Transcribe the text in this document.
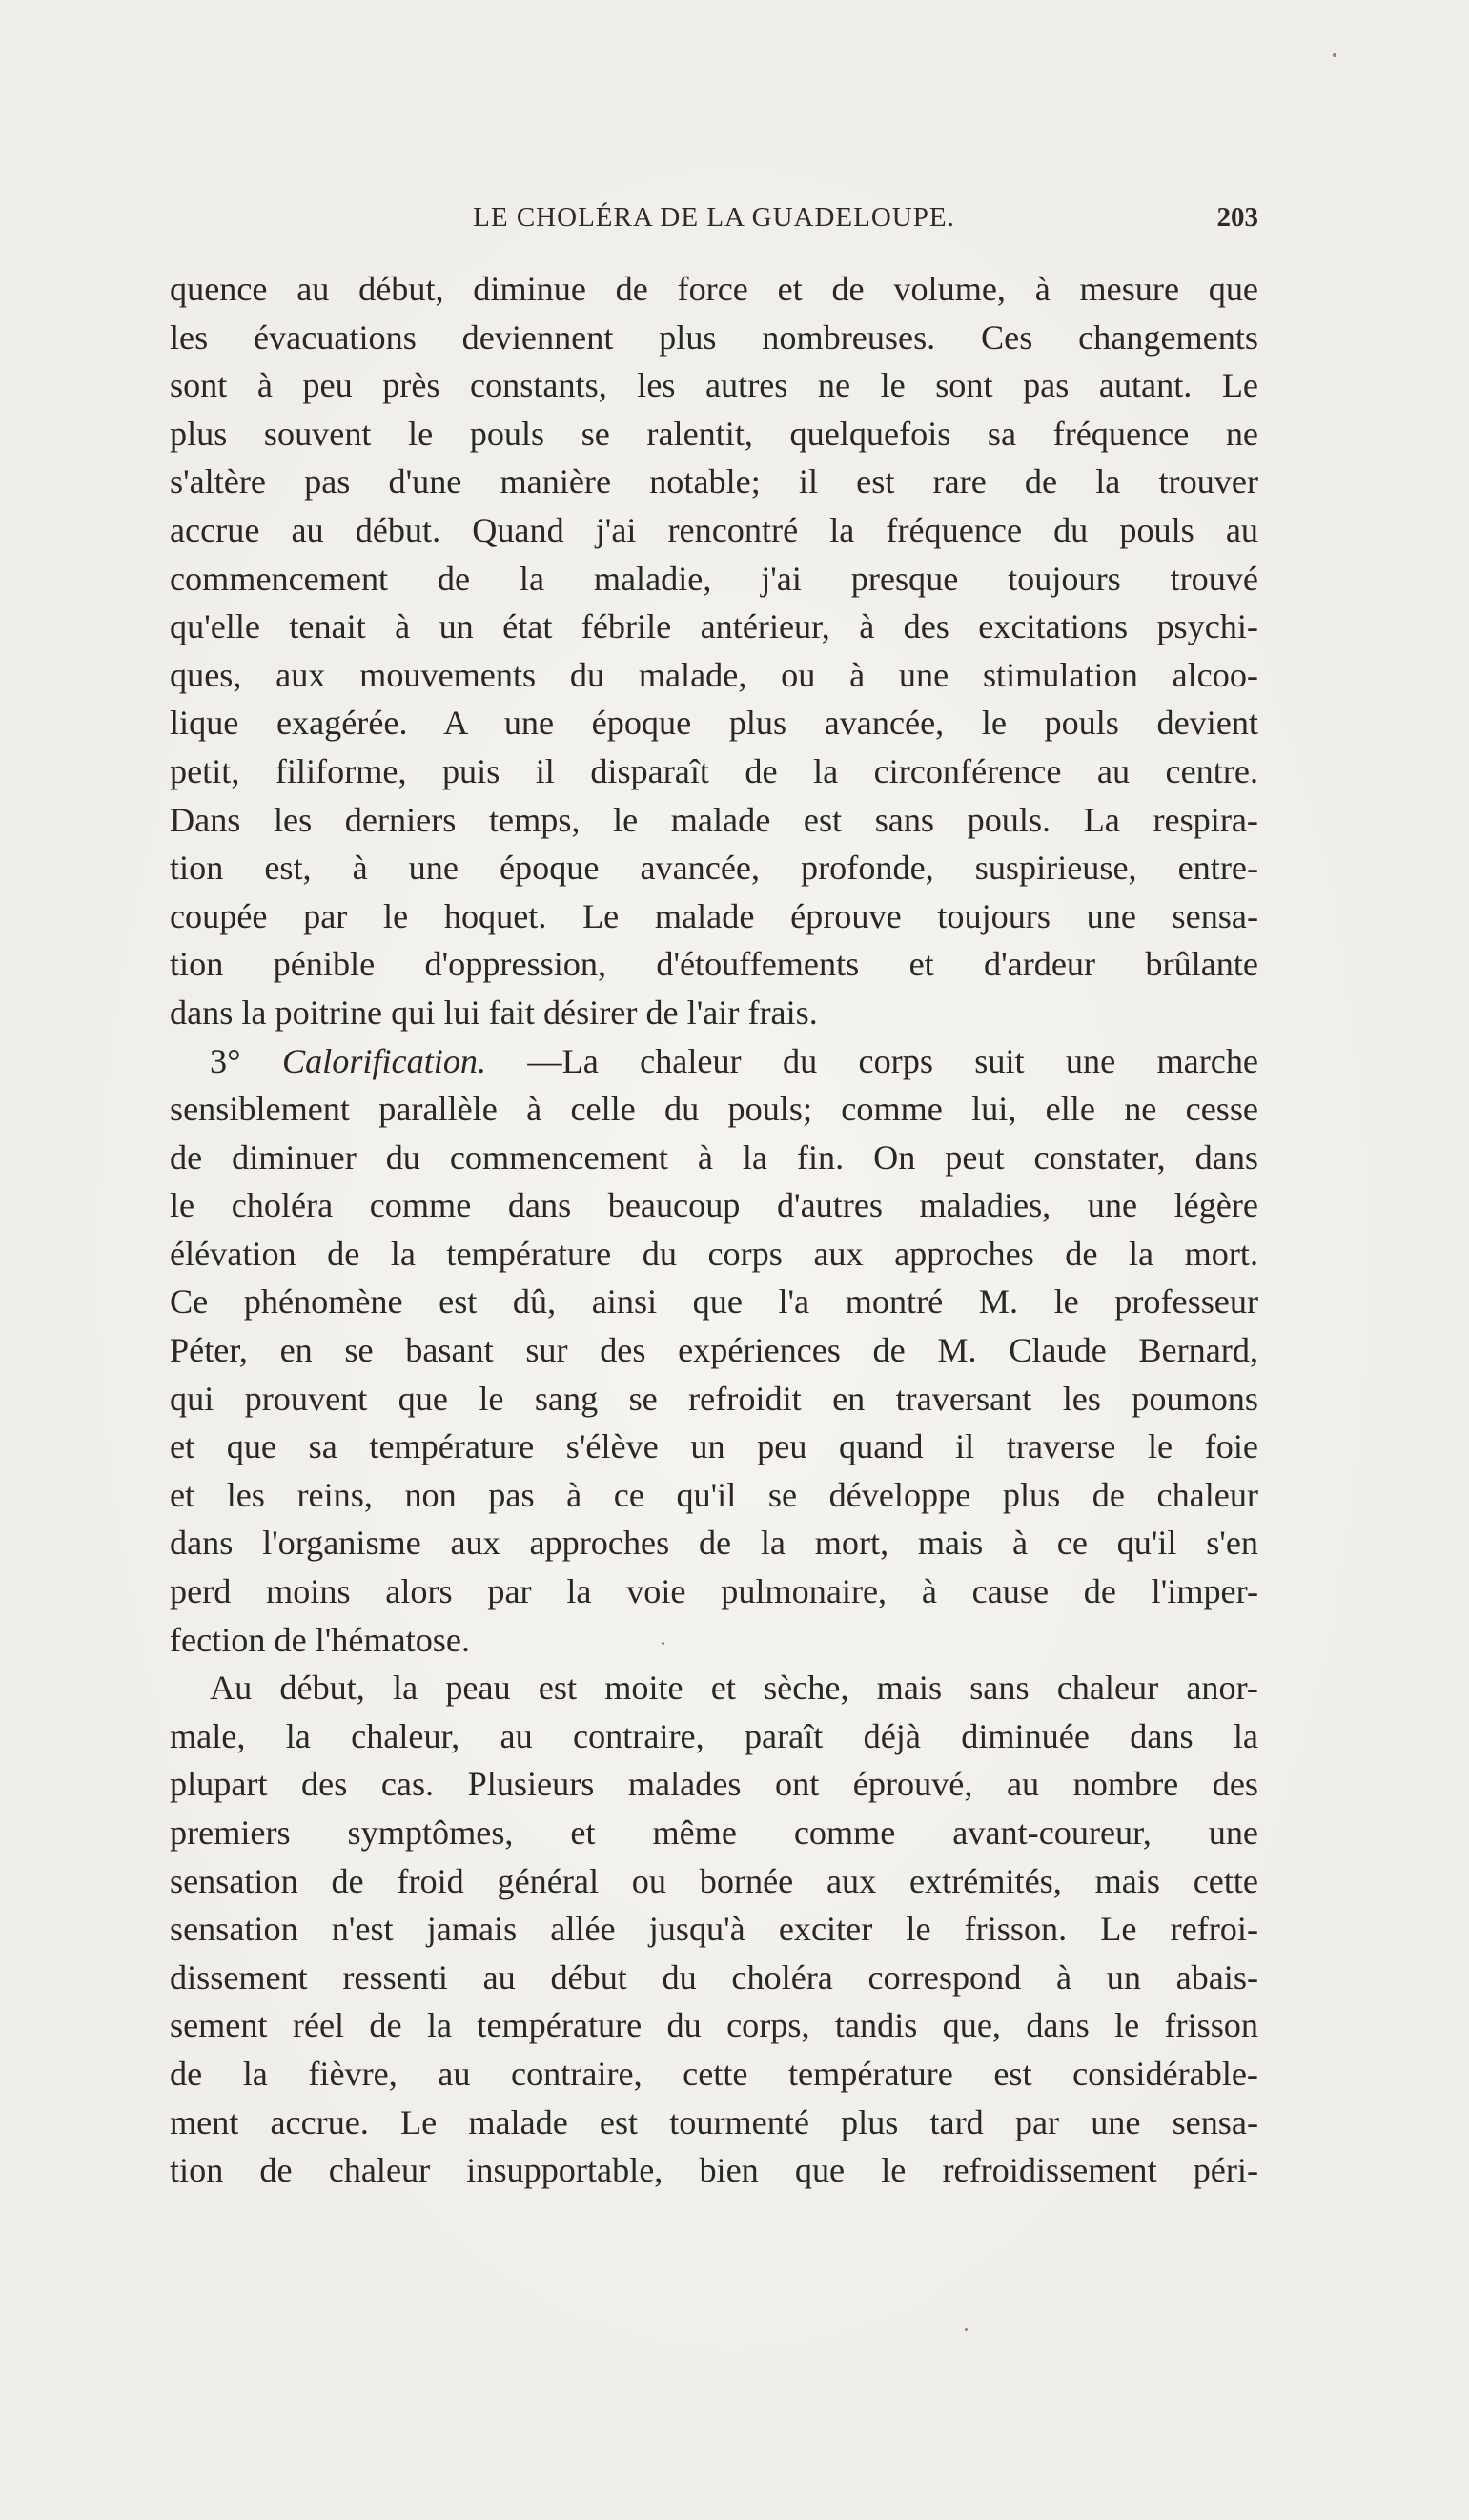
LE CHOLÉRA DE LA GUADELOUPE.	203
quence au début, diminue de force et de volume, à mesure que
les évacuations deviennent plus nombreuses. Ces changements
sont à peu près constants, les autres ne le sont pas autant. Le
plus souvent le pouls se ralentit, quelquefois sa fréquence ne
s'altère pas d'une manière notable; il est rare de la trouver
accrue au début. Quand j'ai rencontré la fréquence du pouls au
commencement de la maladie, j'ai presque toujours trouvé
qu'elle tenait à un état fébrile antérieur, à des excitations psychi-
ques, aux mouvements du malade, ou à une stimulation alcoo-
lique exagérée. A une époque plus avancée, le pouls devient
petit, filiforme, puis il disparaît de la circonférence au centre.
Dans les derniers temps, le malade est sans pouls. La respira-
tion est, à une époque avancée, profonde, suspirieuse, entre-
coupée par le hoquet. Le malade éprouve toujours une sensa-
tion pénible d'oppression, d'étouffements et d'ardeur brûlante
dans la poitrine qui lui fait désirer de l'air frais.
3° Calorification. —La chaleur du corps suit une marche
sensiblement parallèle à celle du pouls; comme lui, elle ne cesse
de diminuer du commencement à la fin. On peut constater, dans
le choléra comme dans beaucoup d'autres maladies, une légère
élévation de la température du corps aux approches de la mort.
Ce phénomène est dû, ainsi que l'a montré M. le professeur
Péter, en se basant sur des expériences de M. Claude Bernard,
qui prouvent que le sang se refroidit en traversant les poumons
et que sa température s'élève un peu quand il traverse le foie
et les reins, non pas à ce qu'il se développe plus de chaleur
dans l'organisme aux approches de la mort, mais à ce qu'il s'en
perd moins alors par la voie pulmonaire, à cause de l'imper-
fection de l'hématose.
Au début, la peau est moite et sèche, mais sans chaleur anor-
male, la chaleur, au contraire, paraît déjà diminuée dans la
plupart des cas. Plusieurs malades ont éprouvé, au nombre des
premiers symptômes, et même comme avant-coureur, une
sensation de froid général ou bornée aux extrémités, mais cette
sensation n'est jamais allée jusqu'à exciter le frisson. Le refroi-
dissement ressenti au début du choléra correspond à un abais-
sement réel de la température du corps, tandis que, dans le frisson
de la fièvre, au contraire, cette température est considérable-
ment accrue. Le malade est tourmenté plus tard par une sensa-
tion de chaleur insupportable, bien que le refroidissement péri-
